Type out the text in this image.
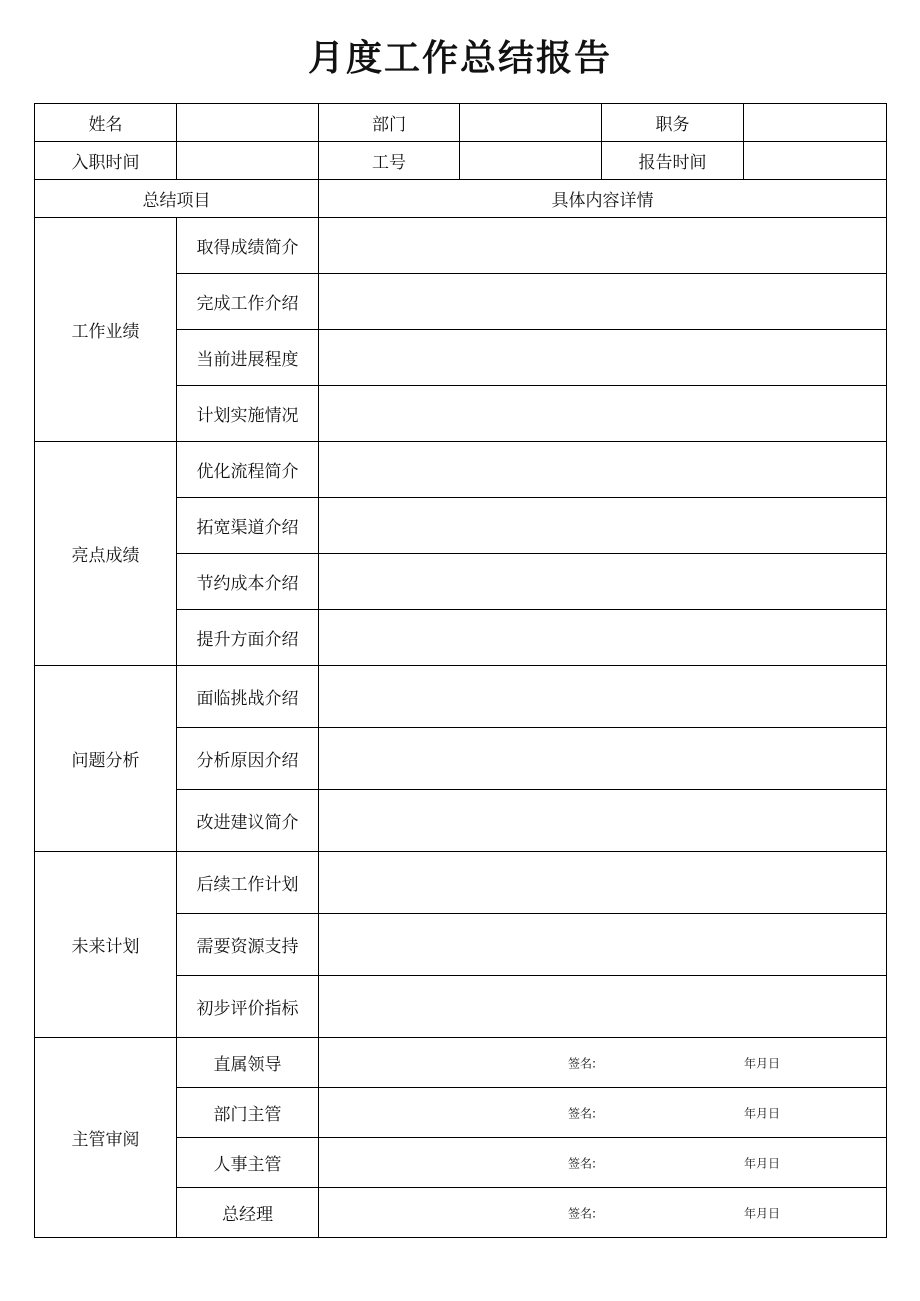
月度工作总结报告
姓名		部门		职务	
入职时间		工号		报告时间	
总结项目		具体内容详情			
工作业绩	取得成绩简介				
	完成工作介绍				
	当前进展程度				
	计划实施情况				
亮点成绩	优化流程简介				
	拓宽渠道介绍				
	节约成本介绍				
	提升方面介绍				
问题分析	面临挑战介绍				
	分析原因介绍				
	改进建议简介				
未来计划	后续工作计划				
	需要资源支持				
	初步评价指标				
主管审阅	直属领导	签名: 年月日			

	部门主管	签名: 年月日			

	人事主管	签名: 年月日			

	总经理	签名: 年月日			
